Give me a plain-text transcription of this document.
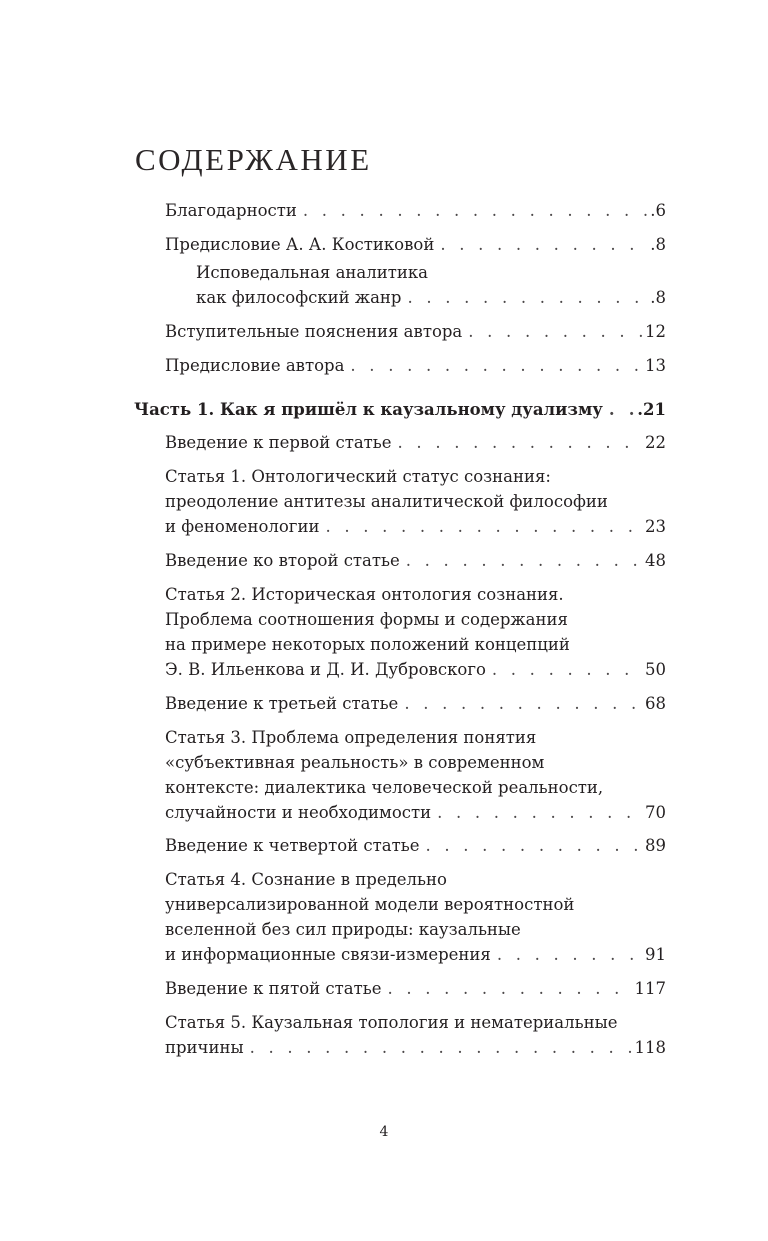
СОДЕРЖАНИЕ
Благодарности . . .	.6
Предисловие А. А. Костиковой . . .	.8
Исповедальная аналитика
как философский жанр . . .	.8
Вступительные пояснения автора . . .	12
Предисловие автора . . .	13
Часть 1. Как я пришёл к каузальному дуализму . . . .21
Введение к первой статье . . .	22
Статья 1. Онтологический статус сознания:
преодоление антитезы аналитической философии
и феноменологии . . .	23
Введение ко второй статье . . .	48
Статья 2. Историческая онтология сознания.
Проблема соотношения формы и содержания
на примере некоторых положений концепций
Э. В. Ильенкова и Д. И. Дубровского . . .	50
Введение к третьей статье . . .	68
Статья 3. Проблема определения понятия
«субъективная реальность» в современном
контексте: диалектика человеческой реальности,
случайности и необходимости . . .	70
Введение к четвертой статье . . .	89
Статья 4. Сознание в предельно
универсализированной модели вероятностной
вселенной без сил природы: каузальные
и информационные связи-измерения . . .	91
Введение к пятой статье . . .	117
Статья 5. Каузальная топология и нематериальные
причины . . .	118
4
